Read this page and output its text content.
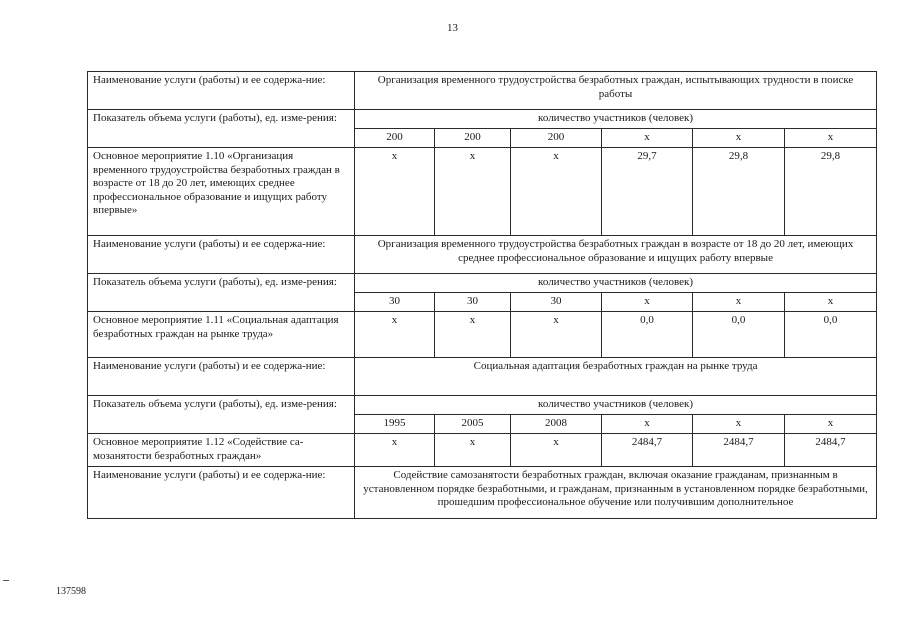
13
Наименование услуги (работы) и ее содержа-ние:	Организация временного трудоустройства безработных граждан, испытывающих трудности в поиске работы					
Показатель объема услуги (работы), ед. изме-рения:	количество участников (человек)					
	200	200	200	x	x	x
Основное мероприятие 1.10 «Организация временного трудоустройства безработных граждан в возрасте от 18 до 20 лет, имеющих среднее профессиональное образование и ищущих работу впервые»	x	x	x	29,7	29,8	29,8
Наименование услуги (работы) и ее содержа-ние:	Организация временного трудоустройства безработных граждан в возрасте от 18 до 20 лет, имеющих среднее профессиональное образование и ищущих работу впервые					
Показатель объема услуги (работы), ед. изме-рения:	количество участников (человек)					
	30	30	30	x	x	x
Основное мероприятие 1.11 «Социальная адаптация безработных граждан на рынке труда»	x	x	x	0,0	0,0	0,0
Наименование услуги (работы) и ее содержа-ние:	Социальная адаптация безработных граждан на рынке труда					
Показатель объема услуги (работы), ед. изме-рения:	количество участников (человек)					
	1995	2005	2008	x	x	x
Основное мероприятие 1.12 «Содействие са-мозанятости безработных граждан»	x	x	x	2484,7	2484,7	2484,7
Наименование услуги (работы) и ее содержа-ние:	Содействие самозанятости безработных граждан, включая оказание гражданам, признанным в установленном порядке безработными, и гражданам, признанным в установленном порядке безработными, прошедшим профессиональное обучение или получившим дополнительное					
137598
